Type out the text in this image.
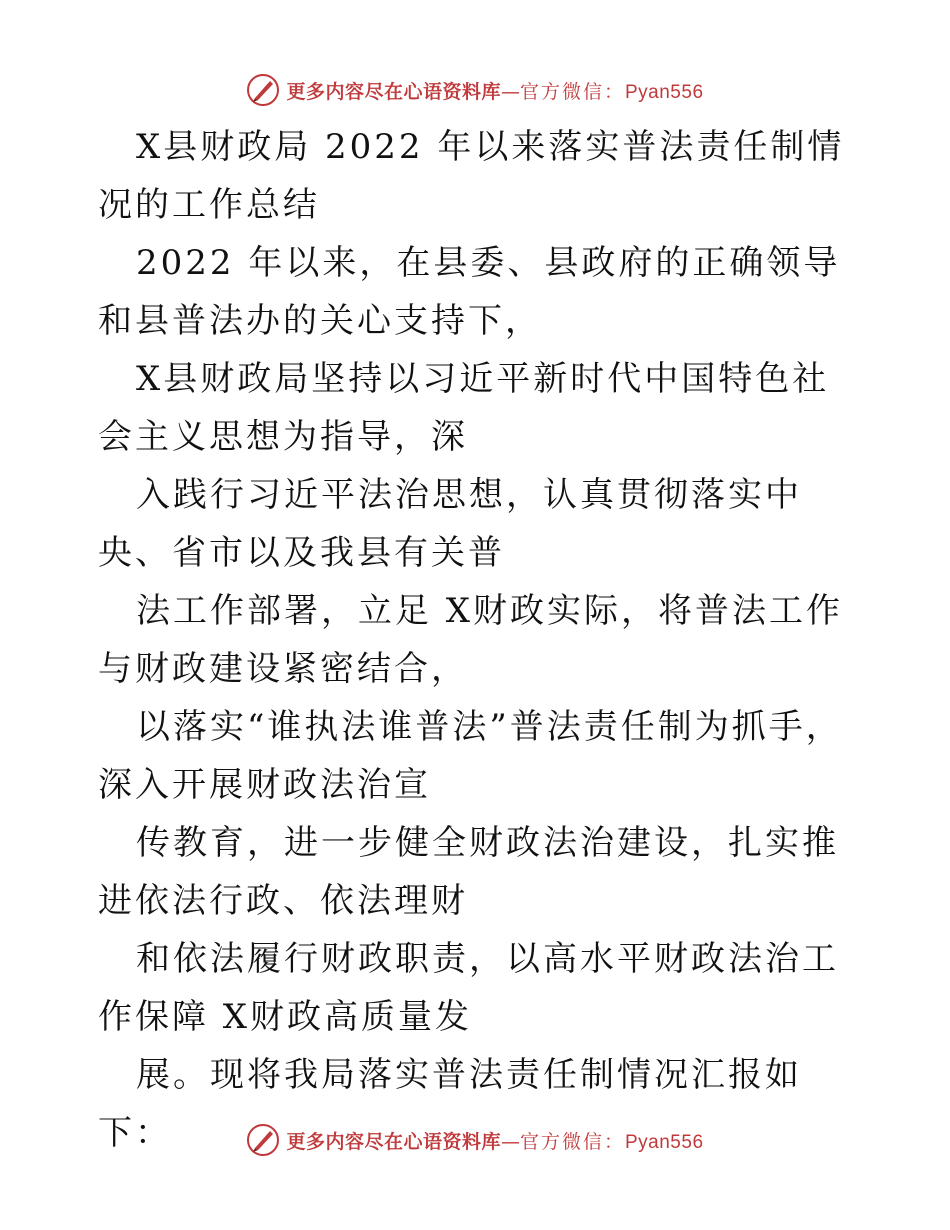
更多内容尽在心语资料库 — 官方微信： Pyan556

X县财政局 2022 年以来落实普法责任制情况的工作总结

2022 年以来，在县委、县政府的正确领导和县普法办的关心支持下，

X县财政局坚持以习近平新时代中国特色社会主义思想为指导，深

入践行习近平法治思想，认真贯彻落实中央、省市以及我县有关普

法工作部署，立足 X财政实际，将普法工作与财政建设紧密结合，

以落实“谁执法谁普法”普法责任制为抓手，深入开展财政法治宣

传教育，进一步健全财政法治建设，扎实推进依法行政、依法理财

和依法履行财政职责，以高水平财政法治工作保障 X财政高质量发

展。现将我局落实普法责任制情况汇报如下：	更多内容尽在心语资料库 — 官方微信： Pyan556
